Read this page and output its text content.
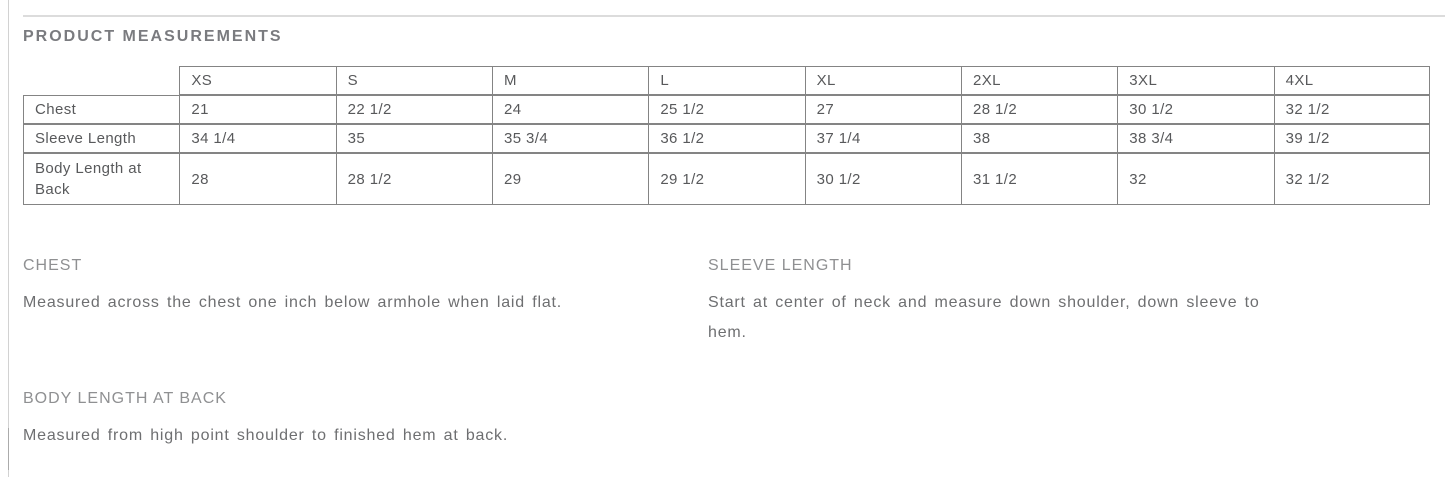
PRODUCT MEASUREMENTS
	XS	S	M	L	XL	2XL	3XL	4XL
Chest	21	22 1/2	24	25 1/2	27	28 1/2	30 1/2	32 1/2
Sleeve Length	34 1/4	35	35 3/4	36 1/2	37 1/4	38	38 3/4	39 1/2
Body Length at Back	28	28 1/2	29	29 1/2	30 1/2	31 1/2	32	32 1/2
CHEST

Measured across the chest one inch below armhole when laid flat.

SLEEVE LENGTH

Start at center of neck and measure down shoulder, down sleeve to
hem.

BODY LENGTH AT BACK

Measured from high point shoulder to finished hem at back.
